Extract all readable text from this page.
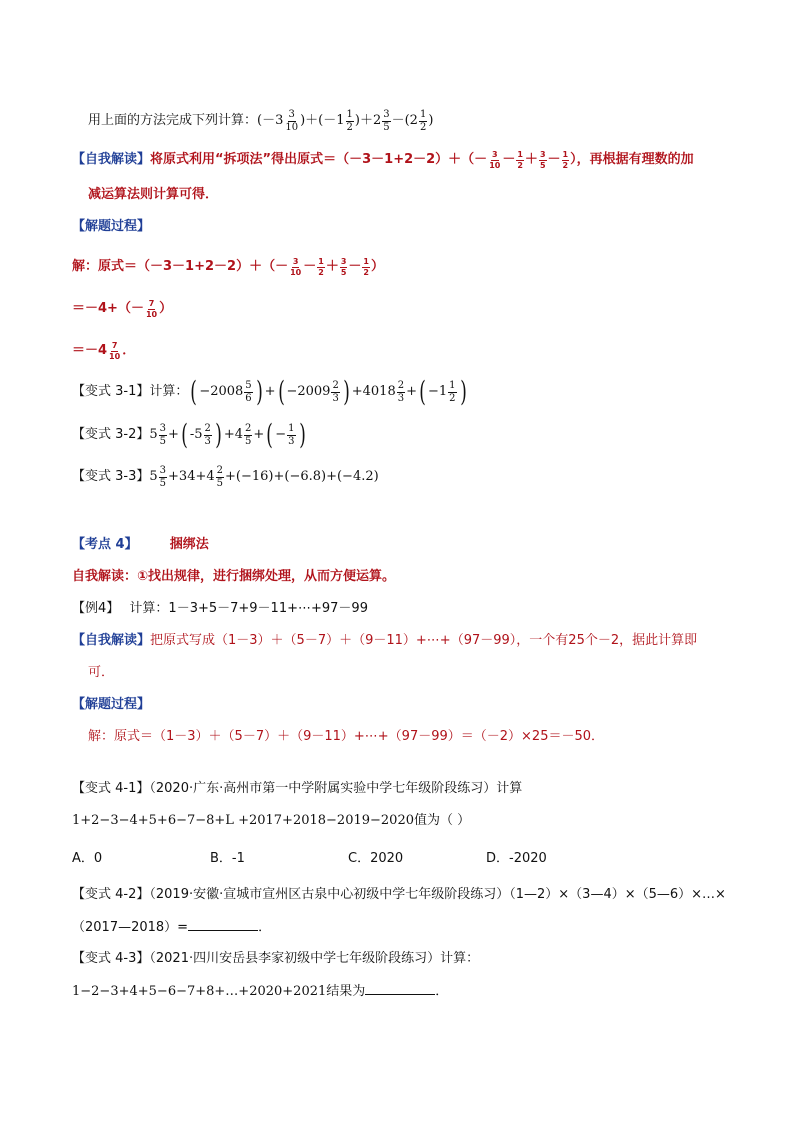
用上面的方法完成下列计算： $(-3 \frac{3}{10} )+(-1 \frac{1}{2} )+2 \frac{3}{5} -(2 \frac{1}{2}$ )
【自我解读】 将原式利用“拆项法”得出原式$=(-3-1+2-2)+(- \frac{3}{10} - \frac{1}{2} + \frac{3}{5} - \frac{1}{2}$ ），再根据有理数的加
减运算法则计算可得．
【解题过程】
解：原式$=(-3-1+2-2)+(- \frac{3}{10} - \frac{1}{2} + \frac{3}{5} - \frac{1}{2}$ ）
$=-4+(- \frac{7}{10}$ ）
$=-4 \frac{7}{10}$ ．
【变式 3-1】计算： ( $-2008 \frac{5}{6}$
) + ( $-2009 \frac{2}{3}$
) $+4018 \frac{2}{3}$ + ( $-1 \frac{1}{2}$
)
【变式 3-2】 $5 \frac{3}{5}$ + ( $-5 \frac{2}{3}$
) $+4 \frac{2}{5}$ + ( − $\frac{1}{3}$
)
【变式 3-3】 $5 \frac{3}{5} +34+4 \frac{2}{5} +(-16)+(-6.8)+(-4.2)$
【考点 4】 捆绑法
自我解读：①找出规律，进行捆绑处理，从而方便运算。
【例4】 计算：1－3+5－7+9－11+⋯+97－99
【自我解读】把原式写成（1－3）＋（5－7）＋（9－11）+⋯+（97－99），一个有25个－2，据此计算即
可．
【解题过程】
解：原式＝（1－3）＋（5－7）＋（9－11）+⋯+（97－99）＝（－2）×25＝－50．
【变式 4-1】（2020·广东·高州市第一中学附属实验中学七年级阶段练习）计算
1+2−3−4+5+6−7−8+L +2017+2018−2019−2020值为（ ）
A．0	B．-1	C．2020	D．-2020
【变式 4-2】（2019·安徽·宣城市宣州区古泉中心初级中学七年级阶段练习）（1—2）×（3—4）×（5—6）×…×
（2017—2018）=	．
【变式 4-3】（2021·四川安岳县李家初级中学七年级阶段练习）计算：
1−2−3+4+5−6−7+8+…+2020+2021结果为	．
